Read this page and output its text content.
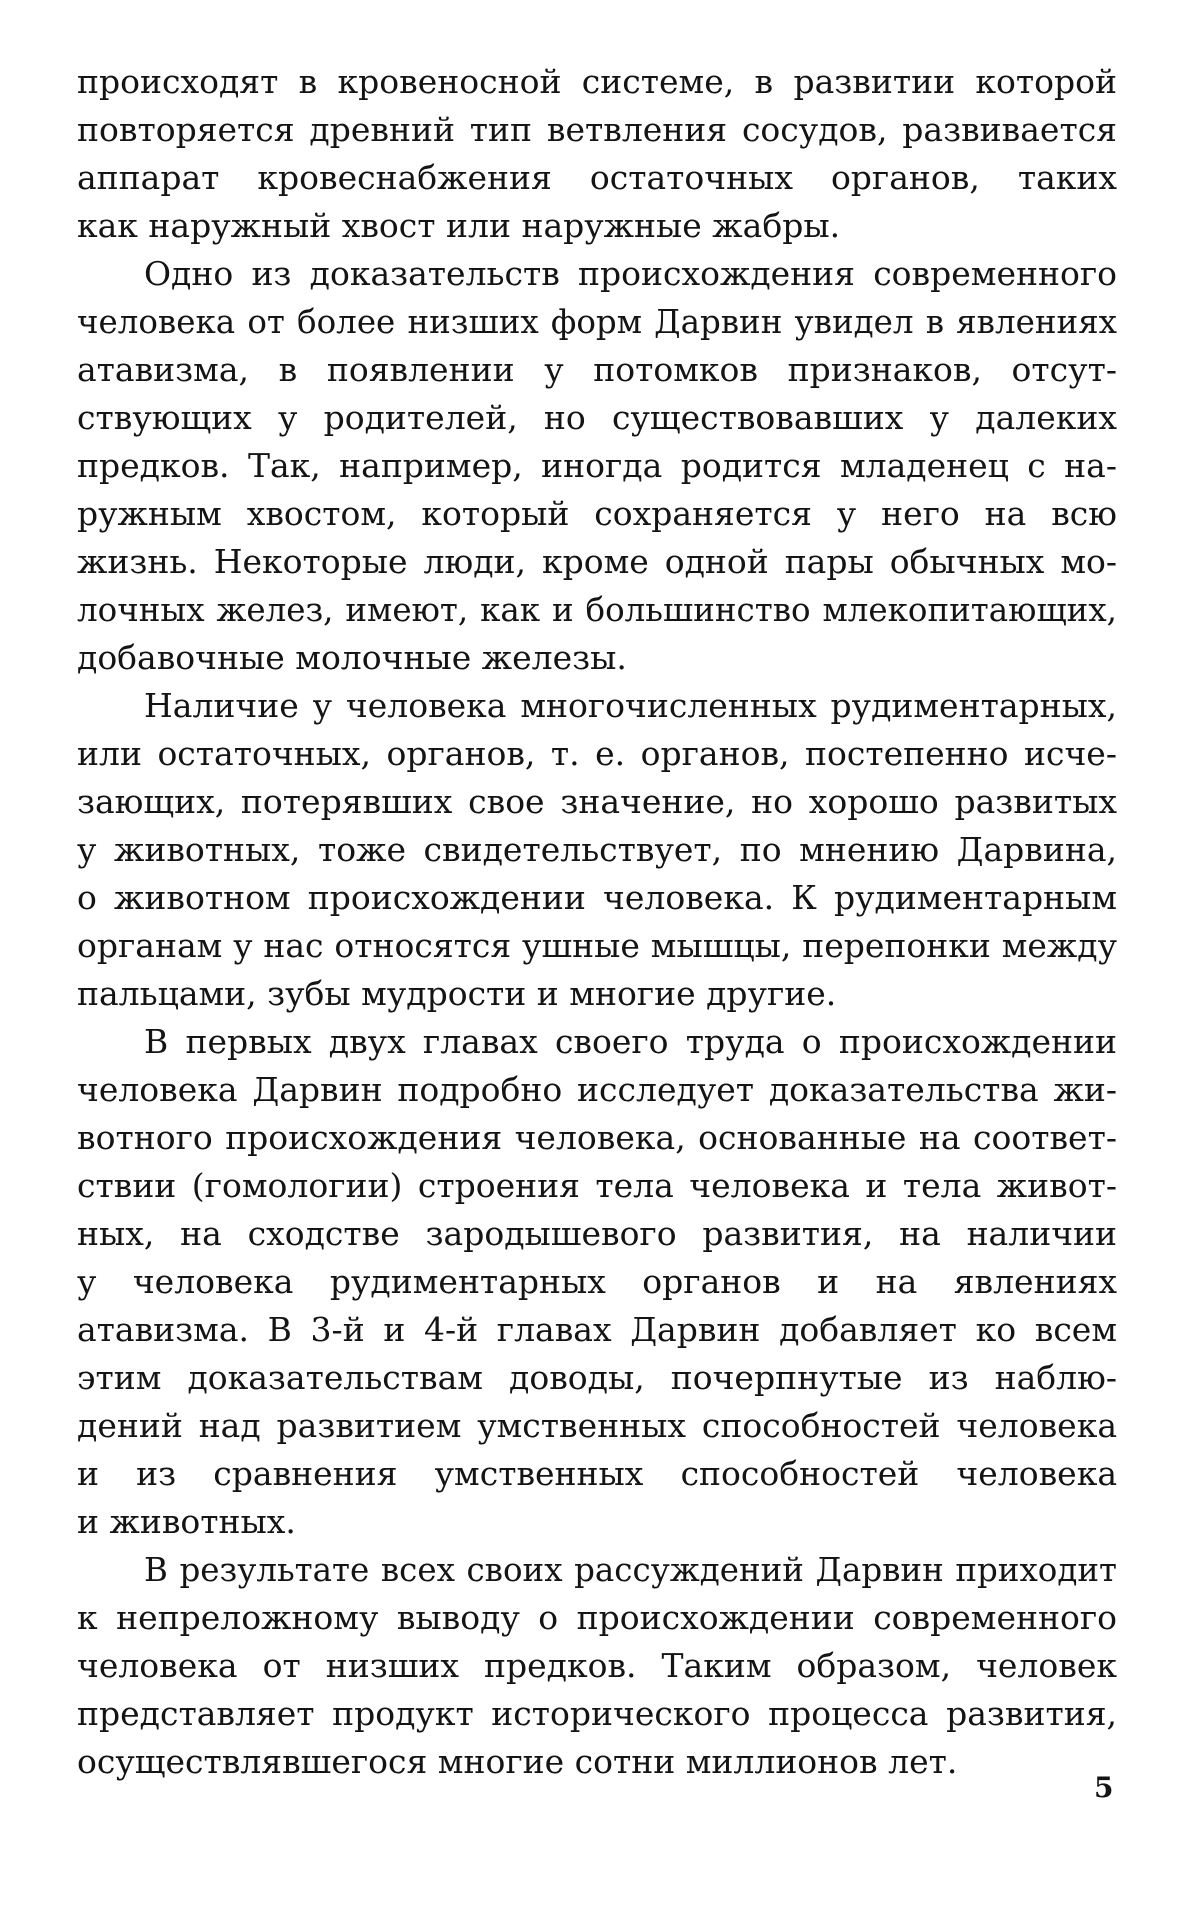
происходят в кровеносной системе, в развитии которой
повторяется древний тип ветвления сосудов, развивается
аппарат кровеснабжения остаточных органов, таких
как наружный хвост или наружные жабры.

Одно из доказательств происхождения современного
человека от более низших форм Дарвин увидел в явлениях
атавизма, в появлении у потомков признаков, отсут-
ствующих у родителей, но существовавших у далеких
предков. Так, например, иногда родится младенец с на-
ружным хвостом, который сохраняется у него на всю
жизнь. Некоторые люди, кроме одной пары обычных мо-
лочных желез, имеют, как и большинство млекопитающих,
добавочные молочные железы.

Наличие у человека многочисленных рудиментарных,
или остаточных, органов, т. е. органов, постепенно исче-
зающих, потерявших свое значение, но хорошо развитых
у животных, тоже свидетельствует, по мнению Дарвина,
о животном происхождении человека. К рудиментарным
органам у нас относятся ушные мышцы, перепонки между
пальцами, зубы мудрости и многие другие.

В первых двух главах своего труда о происхождении
человека Дарвин подробно исследует доказательства жи-
вотного происхождения человека, основанные на соответ-
ствии (гомологии) строения тела человека и тела живот-
ных, на сходстве зародышевого развития, на наличии
у человека рудиментарных органов и на явлениях
атавизма. В 3-й и 4-й главах Дарвин добавляет ко всем
этим доказательствам доводы, почерпнутые из наблю-
дений над развитием умственных способностей человека
и из сравнения умственных способностей человека
и животных.

В результате всех своих рассуждений Дарвин приходит
к непреложному выводу о происхождении современного
человека от низших предков. Таким образом, человек
представляет продукт исторического процесса развития,
осуществлявшегося многие сотни миллионов лет.

5
